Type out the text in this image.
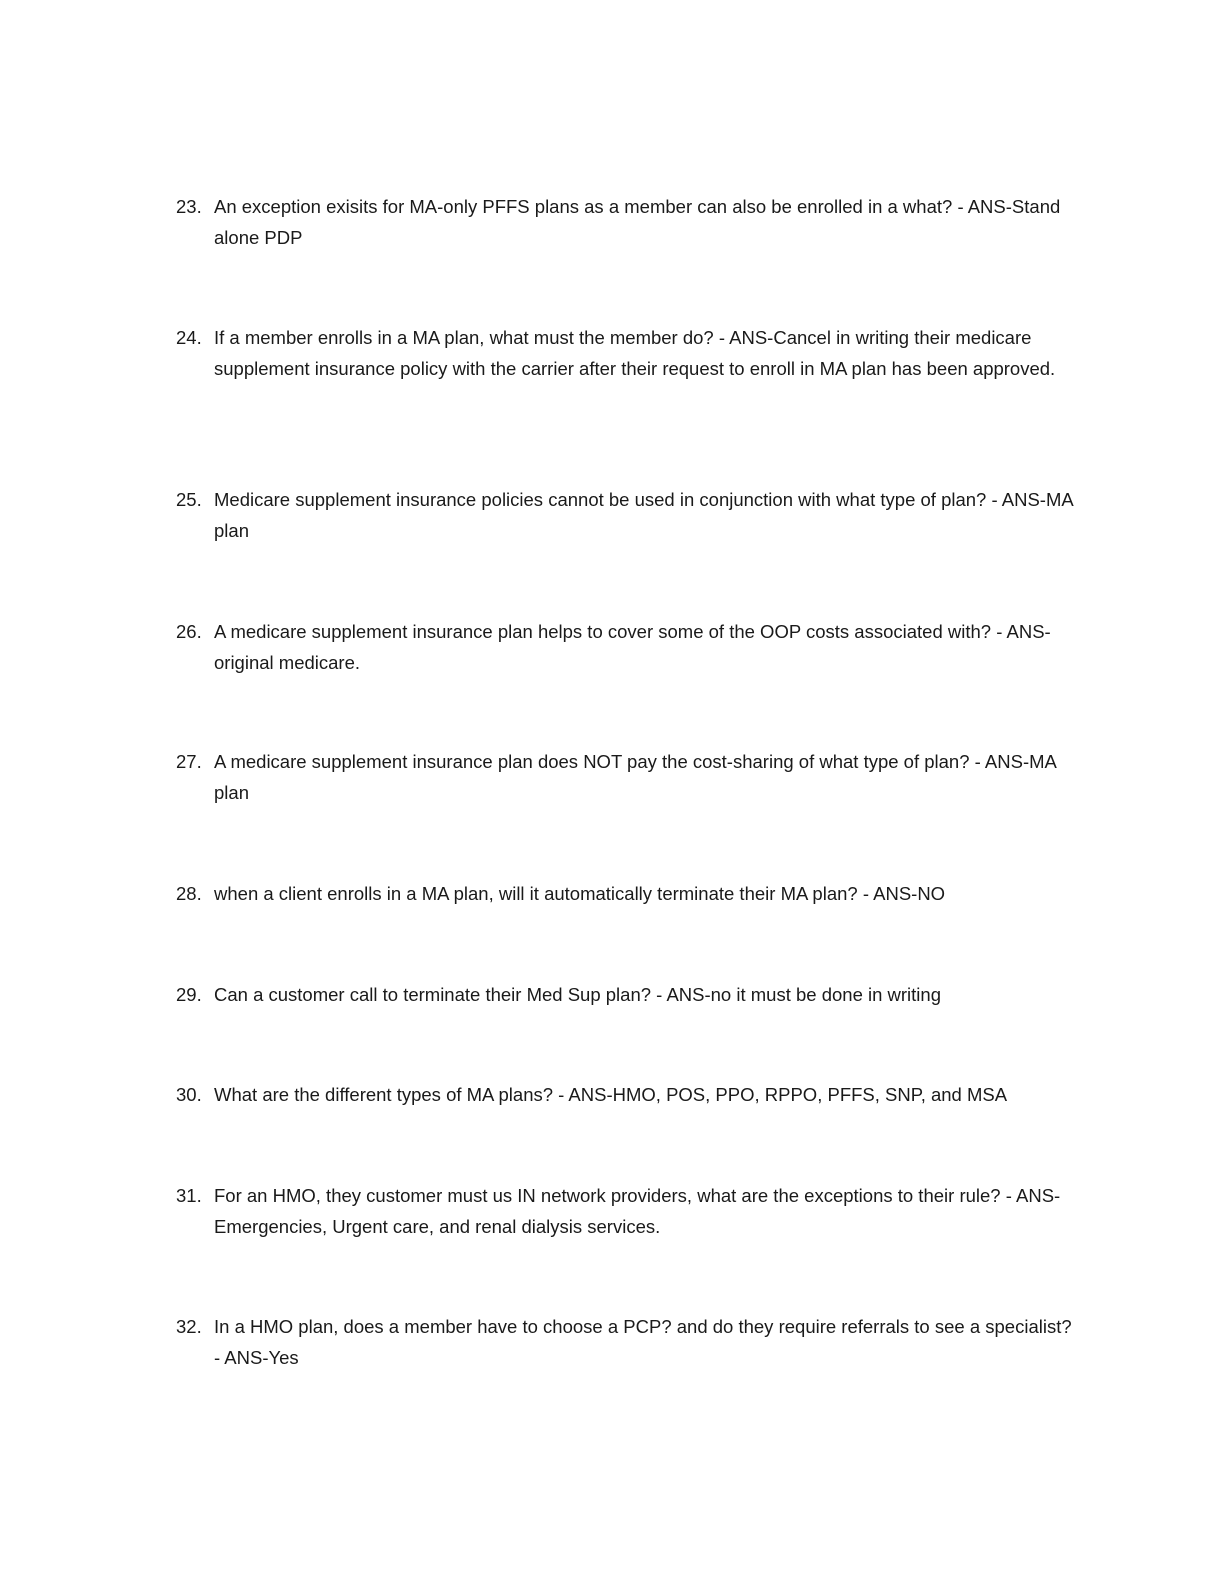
23. An exception exisits for MA-only PFFS plans as a member can also be enrolled in a what? - ANS-Stand alone PDP
24. If a member enrolls in a MA plan, what must the member do? - ANS-Cancel in writing their medicare supplement insurance policy with the carrier after their request to enroll in MA plan has been approved.
25. Medicare supplement insurance policies cannot be used in conjunction with what type of plan? - ANS-MA plan
26. A medicare supplement insurance plan helps to cover some of the OOP costs associated with? - ANS-original medicare.
27. A medicare supplement insurance plan does NOT pay the cost-sharing of what type of plan? - ANS-MA plan
28. when a client enrolls in a MA plan, will it automatically terminate their MA plan? - ANS-NO
29. Can a customer call to terminate their Med Sup plan? - ANS-no it must be done in writing
30. What are the different types of MA plans? - ANS-HMO, POS, PPO, RPPO, PFFS, SNP, and MSA
31. For an HMO, they customer must us IN network providers, what are the exceptions to their rule? - ANS-Emergencies, Urgent care, and renal dialysis services.
32. In a HMO plan, does a member have to choose a PCP? and do they require referrals to see a specialist? - ANS-Yes
